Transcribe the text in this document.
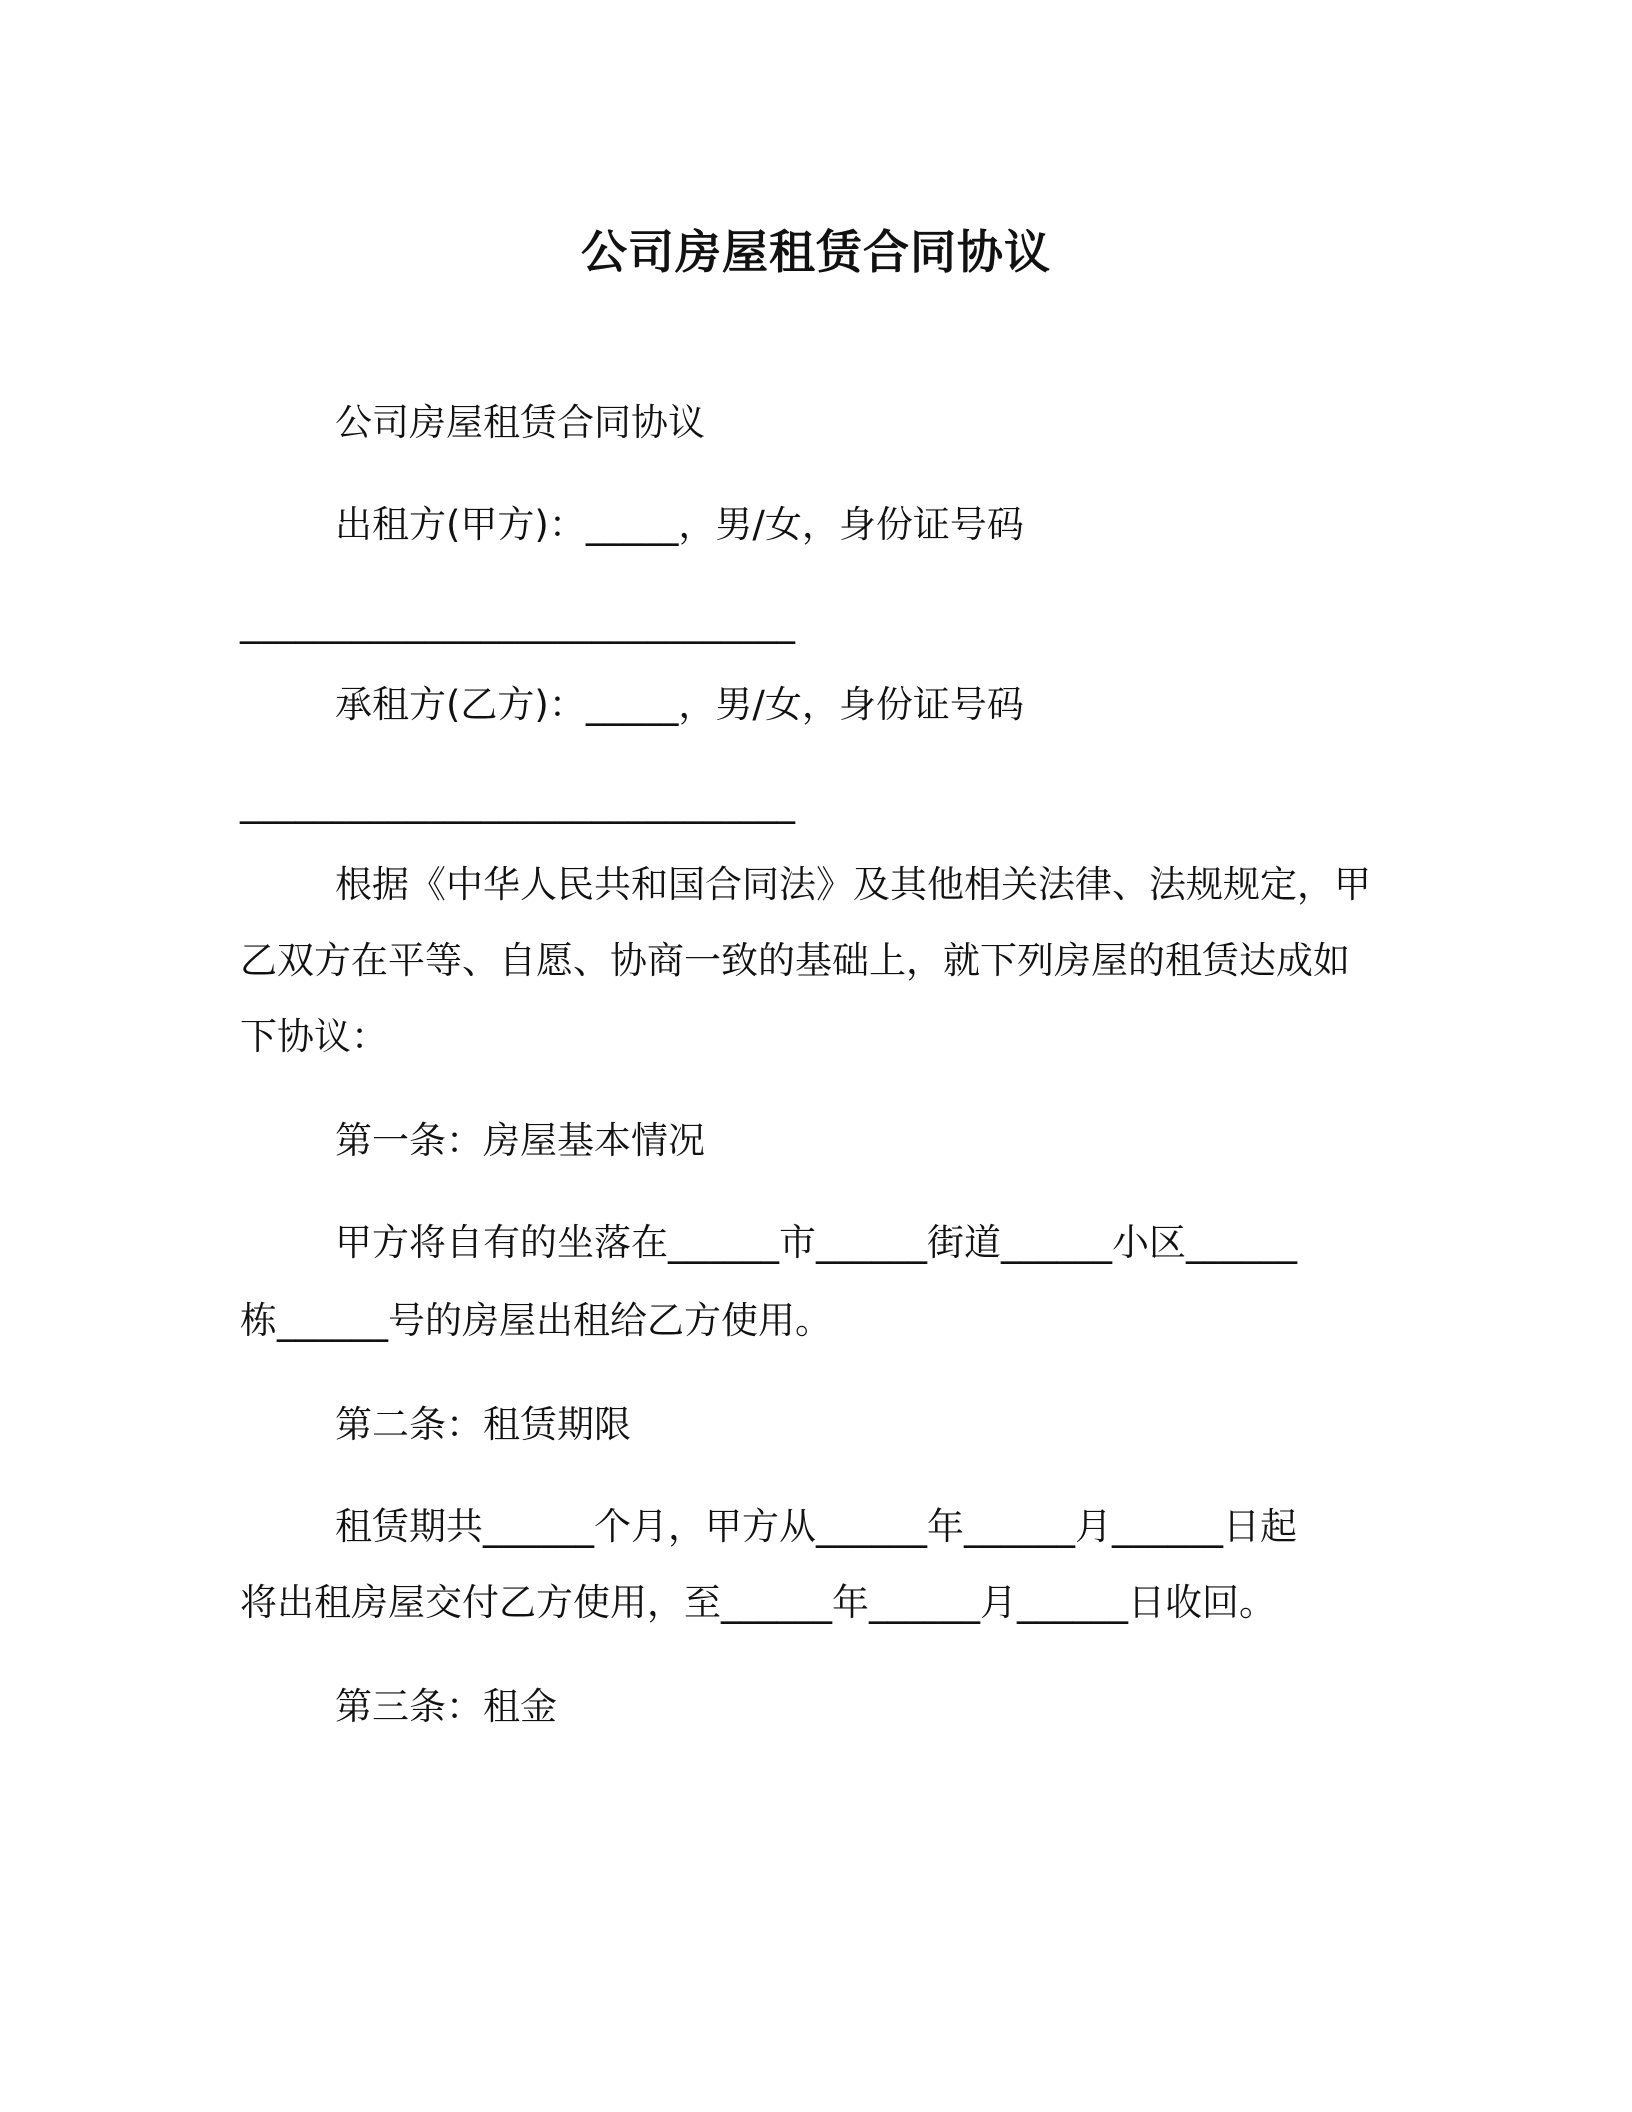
公司房屋租赁合同协议
公司房屋租赁合同协议
出租方(甲方)：_____，男/女，身份证号码
______________________________
承租方(乙方)：_____，男/女，身份证号码
______________________________
根据《中华人民共和国合同法》及其他相关法律、法规规定，甲
乙双方在平等、自愿、协商一致的基础上，就下列房屋的租赁达成如
下协议：
第一条：房屋基本情况
甲方将自有的坐落在______市______街道______小区______
栋______号的房屋出租给乙方使用。
第二条：租赁期限
租赁期共______个月，甲方从______年______月______日起
将出租房屋交付乙方使用，至______年______月______日收回。
第三条：租金
